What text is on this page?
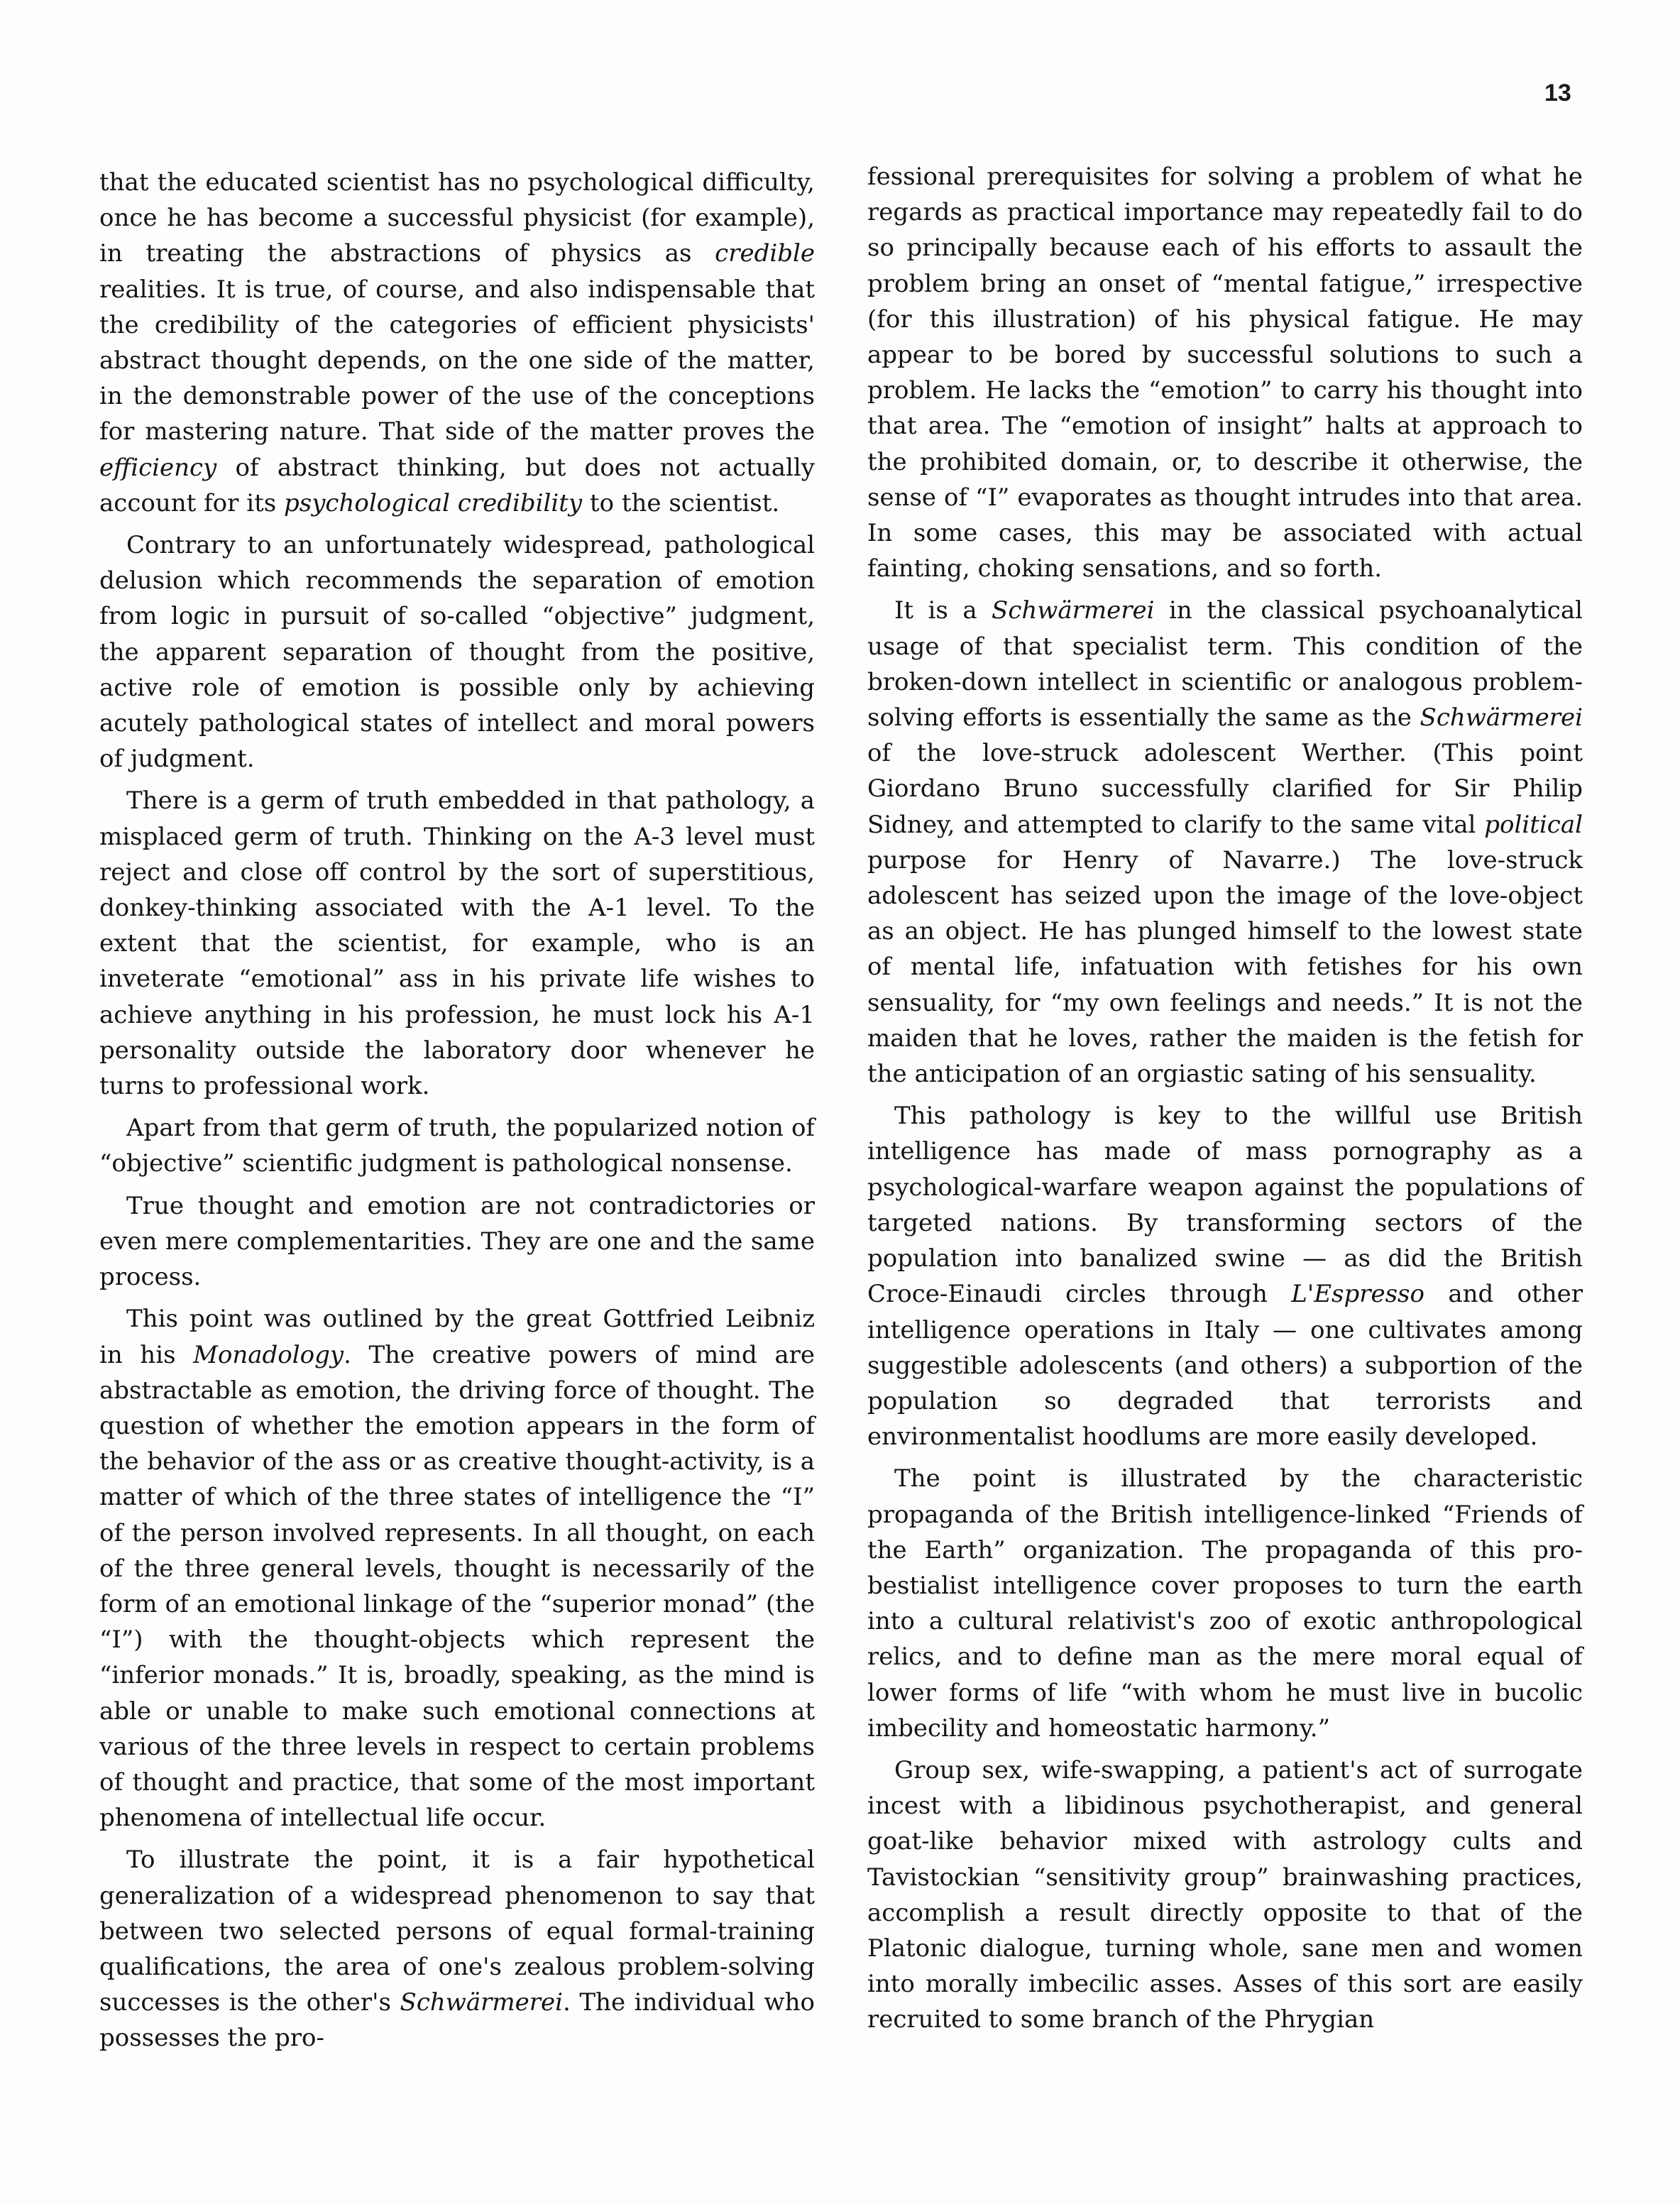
13

that the educated scientist has no psychological difficulty, once he has become a successful physicist (for example), in treating the abstractions of physics as credible realities. It is true, of course, and also indispensable that the credibility of the categories of efficient physicists' abstract thought depends, on the one side of the matter, in the demonstrable power of the use of the conceptions for mastering nature. That side of the matter proves the efficiency of abstract thinking, but does not actually account for its psychological credibility to the scientist.

Contrary to an unfortunately widespread, pathological delusion which recommends the separation of emotion from logic in pursuit of so-called “objective” judgment, the apparent separation of thought from the positive, active role of emotion is possible only by achieving acutely pathological states of intellect and moral powers of judgment.

There is a germ of truth embedded in that pathology, a misplaced germ of truth. Thinking on the A-3 level must reject and close off control by the sort of superstitious, donkey-thinking associated with the A-1 level. To the extent that the scientist, for example, who is an inveterate “emotional” ass in his private life wishes to achieve anything in his profession, he must lock his A-1 personality outside the laboratory door whenever he turns to professional work.

Apart from that germ of truth, the popularized notion of “objective” scientific judgment is pathological nonsense.

True thought and emotion are not contradictories or even mere complementarities. They are one and the same process.

This point was outlined by the great Gottfried Leibniz in his Monadology. The creative powers of mind are abstractable as emotion, the driving force of thought. The question of whether the emotion appears in the form of the behavior of the ass or as creative thought-activity, is a matter of which of the three states of intelligence the “I” of the person involved represents. In all thought, on each of the three general levels, thought is necessarily of the form of an emotional linkage of the “superior monad” (the “I”) with the thought-objects which represent the “inferior monads.” It is, broadly, speaking, as the mind is able or unable to make such emotional connections at various of the three levels in respect to certain problems of thought and practice, that some of the most important phenomena of intellectual life occur.

To illustrate the point, it is a fair hypothetical generalization of a widespread phenomenon to say that between two selected persons of equal formal-training qualifications, the area of one's zealous problem-solving successes is the other's Schwärmerei. The individual who possesses the pro-

fessional prerequisites for solving a problem of what he regards as practical importance may repeatedly fail to do so principally because each of his efforts to assault the problem bring an onset of “mental fatigue,” irrespective (for this illustration) of his physical fatigue. He may appear to be bored by successful solutions to such a problem. He lacks the “emotion” to carry his thought into that area. The “emotion of insight” halts at approach to the prohibited domain, or, to describe it otherwise, the sense of “I” evaporates as thought intrudes into that area. In some cases, this may be associated with actual fainting, choking sensations, and so forth.

It is a Schwärmerei in the classical psychoanalytical usage of that specialist term. This condition of the broken-down intellect in scientific or analogous problem-solving efforts is essentially the same as the Schwärmerei of the love-struck adolescent Werther. (This point Giordano Bruno successfully clarified for Sir Philip Sidney, and attempted to clarify to the same vital political purpose for Henry of Navarre.) The love-struck adolescent has seized upon the image of the love-object as an object. He has plunged himself to the lowest state of mental life, infatuation with fetishes for his own sensuality, for “my own feelings and needs.” It is not the maiden that he loves, rather the maiden is the fetish for the anticipation of an orgiastic sating of his sensuality.

This pathology is key to the willful use British intelligence has made of mass pornography as a psychological-warfare weapon against the populations of targeted nations. By transforming sectors of the population into banalized swine — as did the British Croce-Einaudi circles through L'Espresso and other intelligence operations in Italy — one cultivates among suggestible adolescents (and others) a subportion of the population so degraded that terrorists and environmentalist hoodlums are more easily developed.

The point is illustrated by the characteristic propaganda of the British intelligence-linked “Friends of the Earth” organization. The propaganda of this pro-bestialist intelligence cover proposes to turn the earth into a cultural relativist's zoo of exotic anthropological relics, and to define man as the mere moral equal of lower forms of life “with whom he must live in bucolic imbecility and homeostatic harmony.”

Group sex, wife-swapping, a patient's act of surrogate incest with a libidinous psychotherapist, and general goat-like behavior mixed with astrology cults and Tavistockian “sensitivity group” brainwashing practices, accomplish a result directly opposite to that of the Platonic dialogue, turning whole, sane men and women into morally imbecilic asses. Asses of this sort are easily recruited to some branch of the Phrygian
